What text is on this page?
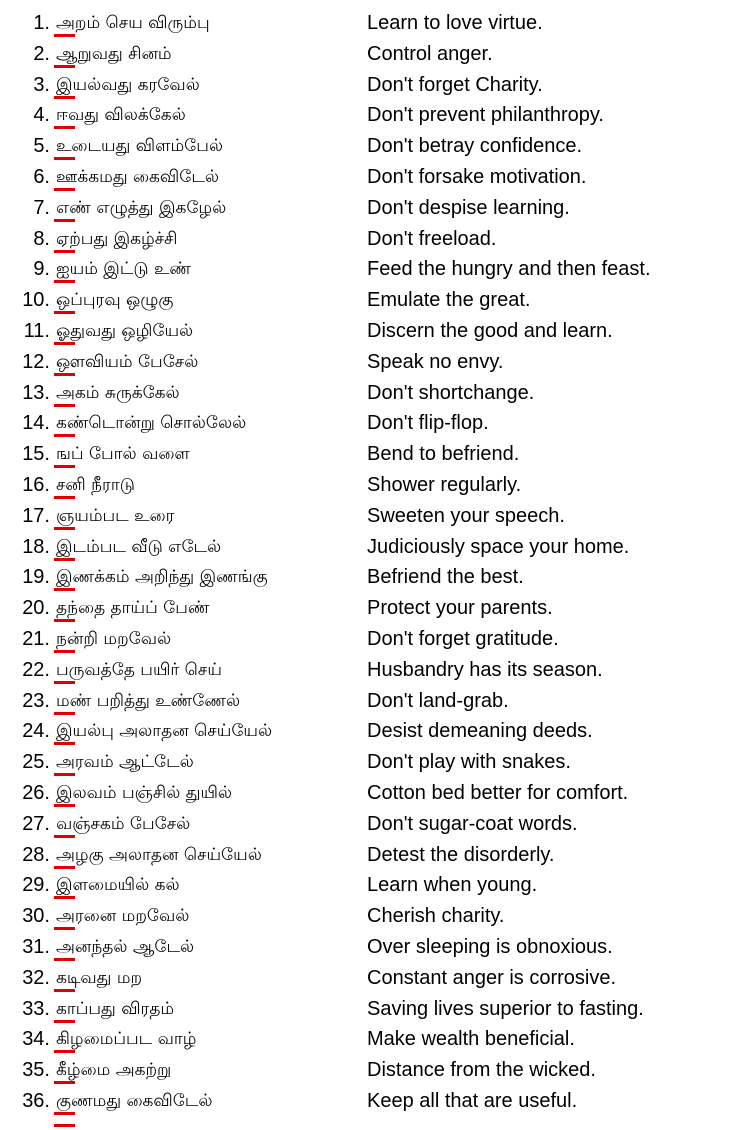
1. அறம் செய விரும்பு	Learn to love virtue.
2. ஆறுவது சினம்	Control anger.
3. இயல்வது கரவேல்	Don't forget Charity.
4. ஈவது விலக்கேல்	Don't prevent philanthropy.
5. உடையது விளம்பேல்	Don't betray confidence.
6. ஊக்கமது கைவிடேல்	Don't forsake motivation.
7. எண் எழுத்து இகழேல்	Don't despise learning.
8. ஏற்பது இகழ்ச்சி	Don't freeload.
9. ஐயம் இட்டு உண்	Feed the hungry and then feast.
10. ஒப்புரவு ஒழுகு	Emulate the great.
11. ஓதுவது ஒழியேல்	Discern the good and learn.
12. ஔவியம் பேசேல்	Speak no envy.
13. அகம் சுருக்கேல்	Don't shortchange.
14. கண்டொன்று சொல்லேல்	Don't flip-flop.
15. ஙப் போல் வளை	Bend to befriend.
16. சனி நீராடு	Shower regularly.
17. ஞயம்பட உரை	Sweeten your speech.
18. இடம்பட வீடு எடேல்	Judiciously space your home.
19. இணக்கம் அறிந்து இணங்கு	Befriend the best.
20. தந்தை தாய்ப் பேண்	Protect your parents.
21. நன்றி மறவேல்	Don't forget gratitude.
22. பருவத்தே பயிர் செய்	Husbandry has its season.
23. மண் பறித்து உண்ணேல்	Don't land-grab.
24. இயல்பு அலாதன செய்யேல்	Desist demeaning deeds.
25. அரவம் ஆட்டேல்	Don't play with snakes.
26. இலவம் பஞ்சில் துயில்	Cotton bed better for comfort.
27. வஞ்சகம் பேசேல்	Don't sugar-coat words.
28. அழகு அலாதன செய்யேல்	Detest the disorderly.
29. இளமையில் கல்	Learn when young.
30. அரனை மறவேல்	Cherish charity.
31. அனந்தல் ஆடேல்	Over sleeping is obnoxious.
32. கடிவது மற	Constant anger is corrosive.
33. காப்பது விரதம்	Saving lives superior to fasting.
34. கிழமைப்பட வாழ்	Make wealth beneficial.
35. கீழ்மை அகற்று	Distance from the wicked.
36. குணமது கைவிடேல்	Keep all that are useful.
